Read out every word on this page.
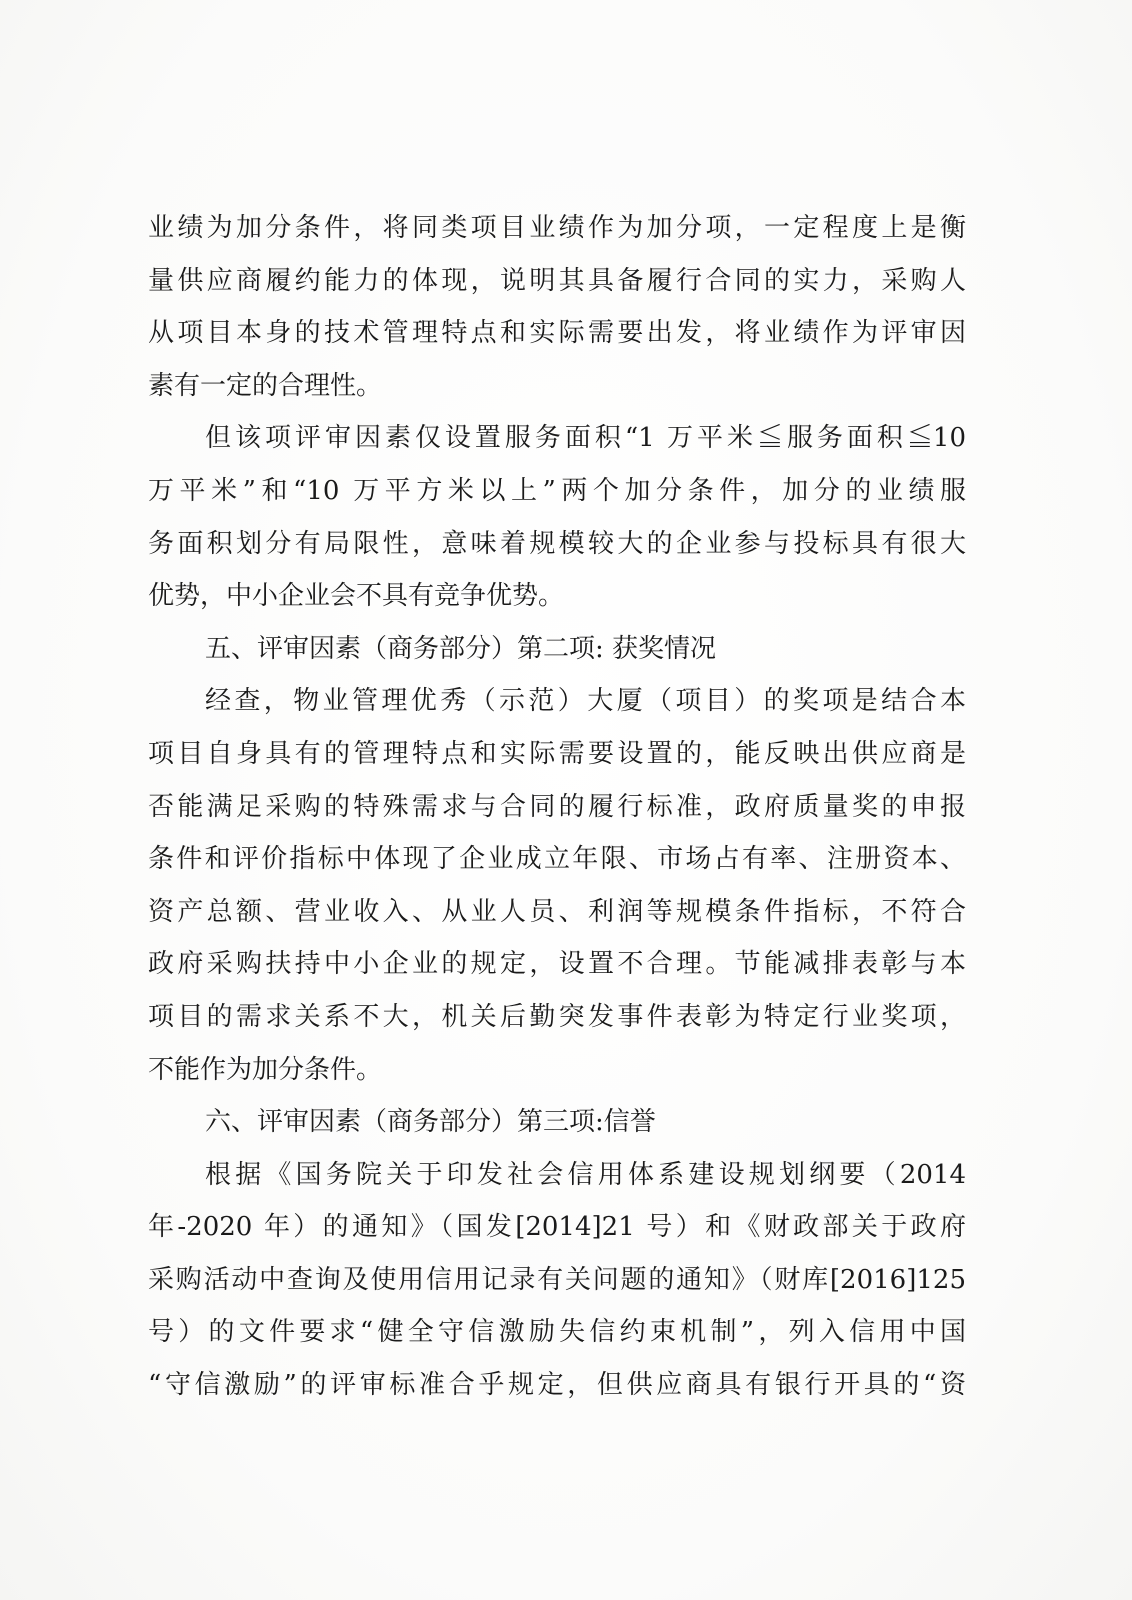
业绩为加分条件，将同类项目业绩作为加分项，一定程度上是衡
量供应商履约能力的体现，说明其具备履行合同的实力，采购人
从项目本身的技术管理特点和实际需要出发，将业绩作为评审因
素有一定的合理性。
但该项评审因素仅设置服务面积“1 万平米≦服务面积≦10
万平米”和“10 万平方米以上”两个加分条件，加分的业绩服
务面积划分有局限性，意味着规模较大的企业参与投标具有很大
优势，中小企业会不具有竞争优势。
五、评审因素（商务部分）第二项: 获奖情况
经查，物业管理优秀（示范）大厦（项目）的奖项是结合本
项目自身具有的管理特点和实际需要设置的，能反映出供应商是
否能满足采购的特殊需求与合同的履行标准，政府质量奖的申报
条件和评价指标中体现了企业成立年限、市场占有率、注册资本、
资产总额、营业收入、从业人员、利润等规模条件指标，不符合
政府采购扶持中小企业的规定，设置不合理。节能减排表彰与本
项目的需求关系不大，机关后勤突发事件表彰为特定行业奖项，
不能作为加分条件。
六、评审因素（商务部分）第三项:信誉
根据《国务院关于印发社会信用体系建设规划纲要（2014
年-2020 年）的通知》（国发[2014]21 号）和《财政部关于政府
采购活动中查询及使用信用记录有关问题的通知》（财库[2016]125
号）的文件要求“健全守信激励失信约束机制”，列入信用中国
“守信激励”的评审标准合乎规定，但供应商具有银行开具的“资
